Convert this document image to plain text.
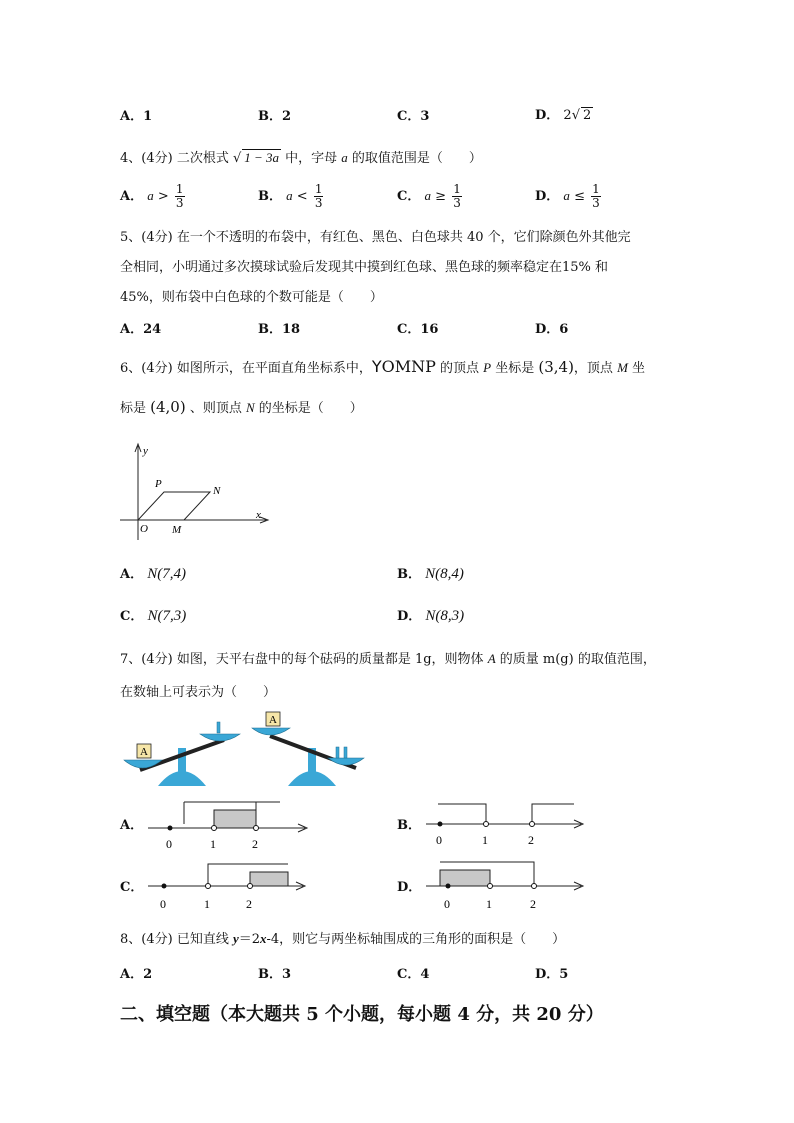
A．1	B．2	C．3	D． 2√ 2
4、(4分) 二次根式 √ 1 − 3a 中，字母 a 的取值范围是（　　）
A． $a > \frac{1}{3}$	B． $a < \frac{1}{3}$	C． $a \ge \frac{1}{3}$	D． $a \le \frac{1}{3}$
5、(4分) 在一个不透明的布袋中，有红色、黑色、白色球共 40 个，它们除颜色外其他完
全相同，小明通过多次摸球试验后发现其中摸到红色球、黑色球的频率稳定在15% 和
45%，则布袋中白色球的个数可能是（　　）
A．24	B．18	C．16	D．6
6、(4分) 如图所示，在平面直角坐标系中，ꓬOMNP 的顶点 P 坐标是 (3,4)，顶点 M 坐
标是 (4,0) 、则顶点 N 的坐标是（　　）
y
x
O M
N
P
A． N(7,4)	B． N(8,4)
C． N(7,3)	D． N(8,3)
7、(4分) 如图，天平右盘中的每个砝码的质量都是 1g，则物体 A 的质量 m(g) 的取值范围，
在数轴上可表示为（　　）
A
A
A．
0	1	2
B．
0	1	2
C．
0	1	2
D．
0	1	2
8、(4分) 已知直线 y＝2x-4，则它与两坐标轴围成的三角形的面积是（　　）
A．2	B．3	C．4	D．5
二、填空题（本大题共 5 个小题，每小题 4 分，共 20 分）
